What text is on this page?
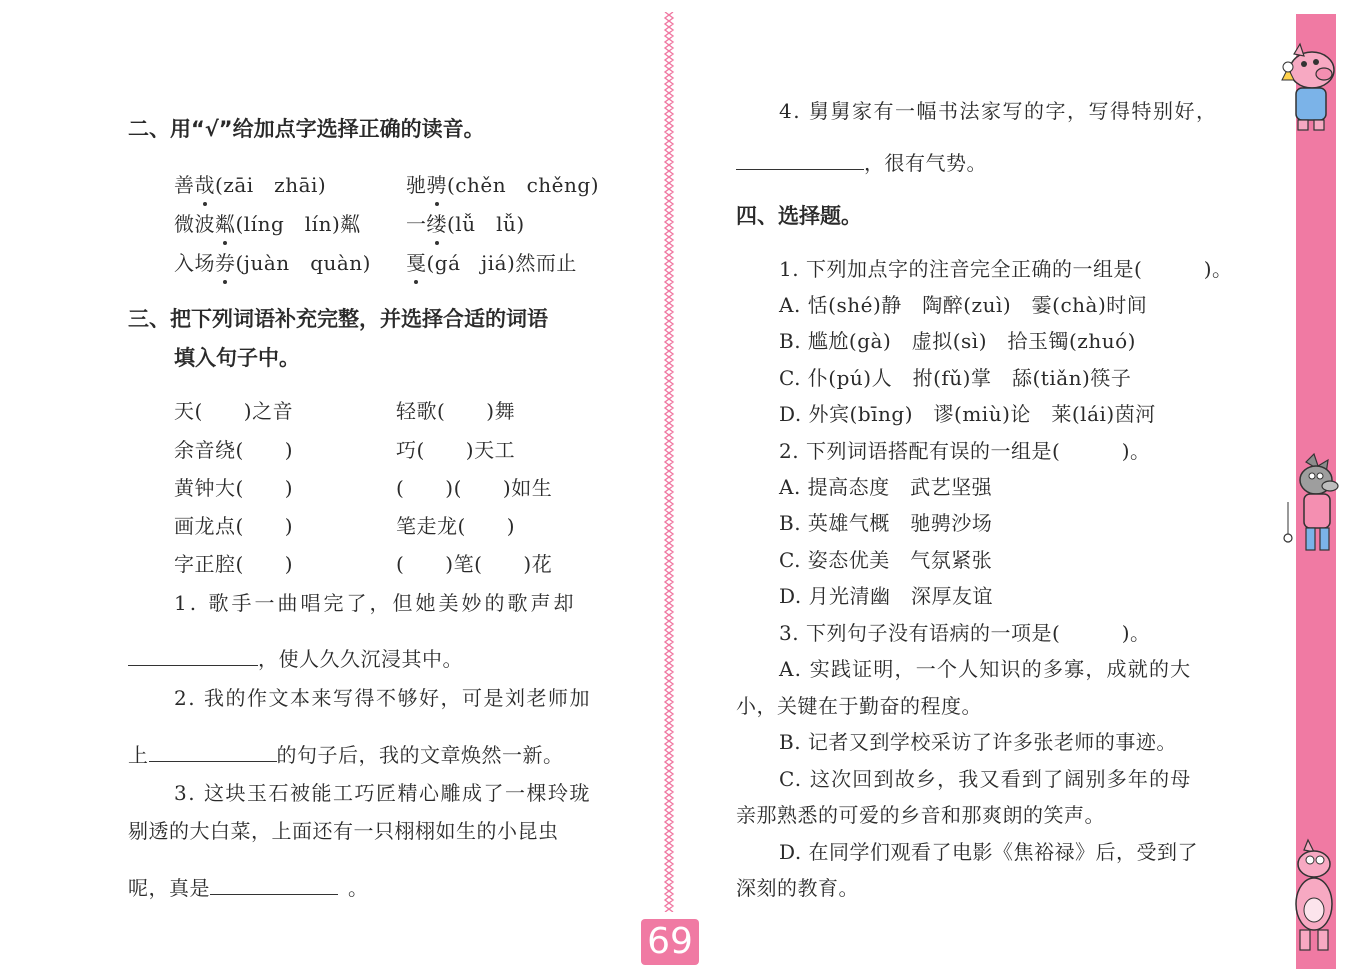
二、用“√”给加点字选择正确的读音。
善哉(zāi　zhāi)	驰骋(chěn　chěng)
微波粼(líng　lín)粼 一缕(lǚ　lǚ)
入场券(juàn　quàn) 戛(gá　jiá)然而止
三、把下列词语补充完整，并选择合适的词语
填入句子中。
天(　　)之音	轻歌(　　)舞
余音绕(　　)	巧(　　)天工
黄钟大(　　)	(　　)(　　)如生
画龙点(　　)	笔走龙(　　)
字正腔(　　)	(　　)笔(　　)花
1. 歌手一曲唱完了，但她美妙的歌声却
，使人久久沉浸其中。
2. 我的作文本来写得不够好，可是刘老师加
上	的句子后，我的文章焕然一新。
3. 这块玉石被能工巧匠精心雕成了一棵玲珑
剔透的大白菜，上面还有一只栩栩如生的小昆虫
呢，真是	。
4. 舅舅家有一幅书法家写的字，写得特别好，
，很有气势。
四、选择题。
1. 下列加点字的注音完全正确的一组是(　　　)。
A. 恬(shé)静　陶醉(zuì)　霎(chà)时间
B. 尴尬(gà)　虚拟(sì)　拾玉镯(zhuó)
C. 仆(pú)人　拊(fǔ)掌　舔(tiǎn)筷子
D. 外宾(bīng)　谬(miù)论　莱(lái)茵河
2. 下列词语搭配有误的一组是(　　　)。
A. 提高态度　武艺坚强
B. 英雄气概　驰骋沙场
C. 姿态优美　气氛紧张
D. 月光清幽　深厚友谊
3. 下列句子没有语病的一项是(　　　)。
A. 实践证明，一个人知识的多寡，成就的大
小，关键在于勤奋的程度。
B. 记者又到学校采访了许多张老师的事迹。
C. 这次回到故乡，我又看到了阔别多年的母
亲那熟悉的可爱的乡音和那爽朗的笑声。
D. 在同学们观看了电影《焦裕禄》后，受到了
深刻的教育。
69
